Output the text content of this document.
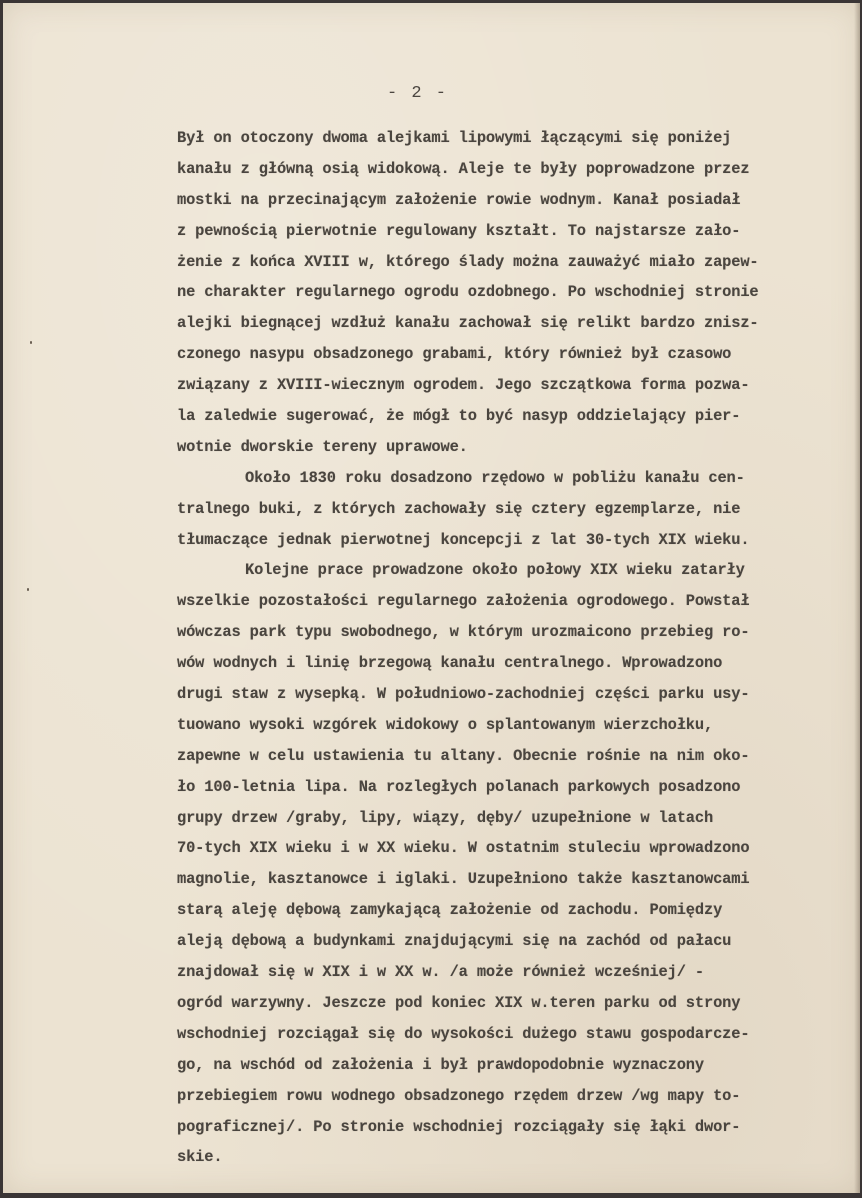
- 2 -
Był on otoczony dwoma alejkami lipowymi łączącymi się poniżej
kanału z główną osią widokową. Aleje te były poprowadzone przez
mostki na przecinającym założenie rowie wodnym. Kanał posiadał
z pewnością pierwotnie regulowany kształt. To najstarsze zało-
żenie z końca XVIII w, którego ślady można zauważyć miało zapew-
ne charakter regularnego ogrodu ozdobnego. Po wschodniej stronie
alejki biegnącej wzdłuż kanału zachował się relikt bardzo znisz-
czonego nasypu obsadzonego grabami, który również był czasowo
związany z XVIII-wiecznym ogrodem. Jego szczątkowa forma pozwa-
la zaledwie sugerować, że mógł to być nasyp oddzielający pier-
wotnie dworskie tereny uprawowe.
Około 1830 roku dosadzono rzędowo w pobliżu kanału cen-
tralnego buki, z których zachowały się cztery egzemplarze, nie
tłumaczące jednak pierwotnej koncepcji z lat 30-tych XIX wieku.
Kolejne prace prowadzone około połowy XIX wieku zatarły
wszelkie pozostałości regularnego założenia ogrodowego. Powstał
wówczas park typu swobodnego, w którym urozmaicono przebieg ro-
wów wodnych i linię brzegową kanału centralnego. Wprowadzono
drugi staw z wysepką. W południowo-zachodniej części parku usy-
tuowano wysoki wzgórek widokowy o splantowanym wierzchołku,
zapewne w celu ustawienia tu altany. Obecnie rośnie na nim oko-
ło 100-letnia lipa. Na rozległych polanach parkowych posadzono
grupy drzew /graby, lipy, wiązy, dęby/ uzupełnione w latach
70-tych XIX wieku i w XX wieku. W ostatnim stuleciu wprowadzono
magnolie, kasztanowce i iglaki. Uzupełniono także kasztanowcami
starą aleję dębową zamykającą założenie od zachodu. Pomiędzy
aleją dębową a budynkami znajdującymi się na zachód od pałacu
znajdował się w XIX i w XX w. /a może również wcześniej/ -
ogród warzywny. Jeszcze pod koniec XIX w.teren parku od strony
wschodniej rozciągał się do wysokości dużego stawu gospodarcze-
go, na wschód od założenia i był prawdopodobnie wyznaczony
przebiegiem rowu wodnego obsadzonego rzędem drzew /wg mapy to-
pograficznej/. Po stronie wschodniej rozciągały się łąki dwor-
skie.
